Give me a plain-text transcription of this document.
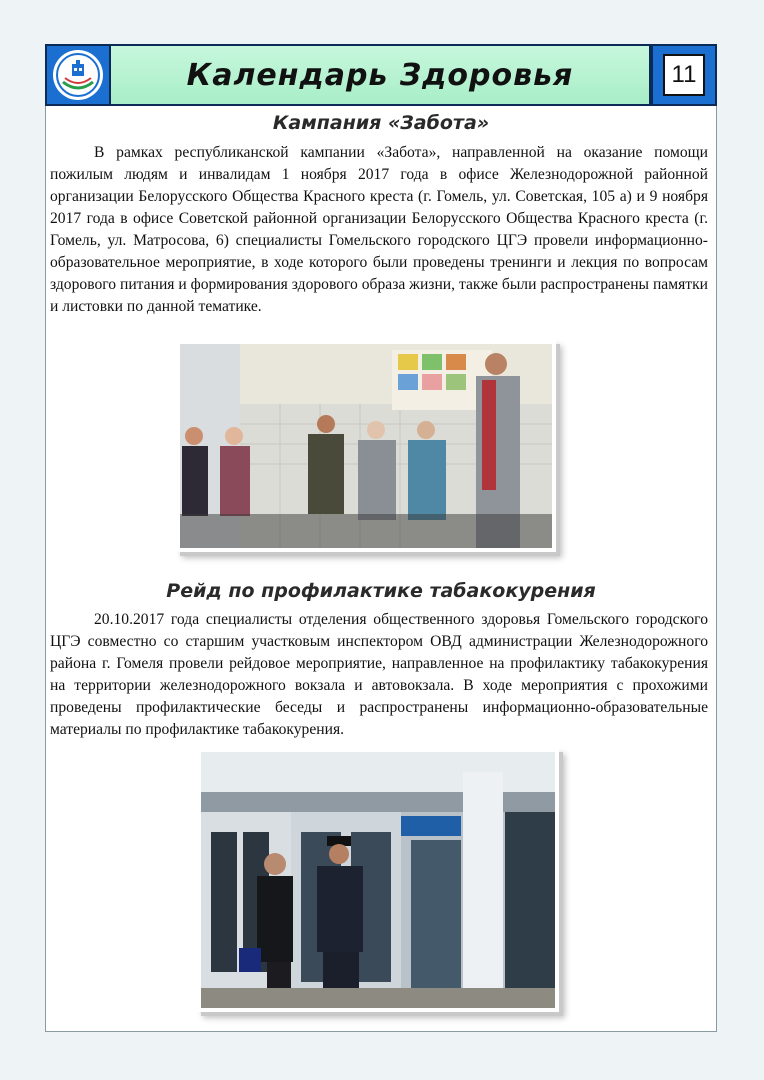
Календарь Здоровья	11
Кампания «Забота»

В рамках республиканской кампании «Забота», направленной на оказание помощи пожилым людям и инвалидам 1 ноября 2017 года в офисе Железнодорожной районной организации Белорусского Общества Красного креста (г. Гомель, ул. Советская, 105 а) и 9 ноября 2017 года в офисе Советской районной организации Белорусского Общества Красного креста (г. Гомель, ул. Матросова, 6) специалисты Гомельского городского ЦГЭ провели информационно-образовательное мероприятие, в ходе которого были проведены тренинги и лекция по вопросам здорового питания и формирования здорового образа жизни, также были распространены памятки и листовки по данной тематике.

Рейд по профилактике табакокурения

20.10.2017 года специалисты отделения общественного здоровья Гомельского городского ЦГЭ совместно со старшим участковым инспектором ОВД администрации Железнодорожного района г. Гомеля провели рейдовое мероприятие, направленное на профилактику табакокурения на территории железнодорожного вокзала и автовокзала. В ходе мероприятия с прохожими проведены профилактические беседы и распространены информационно-образовательные материалы по профилактике табакокурения.
